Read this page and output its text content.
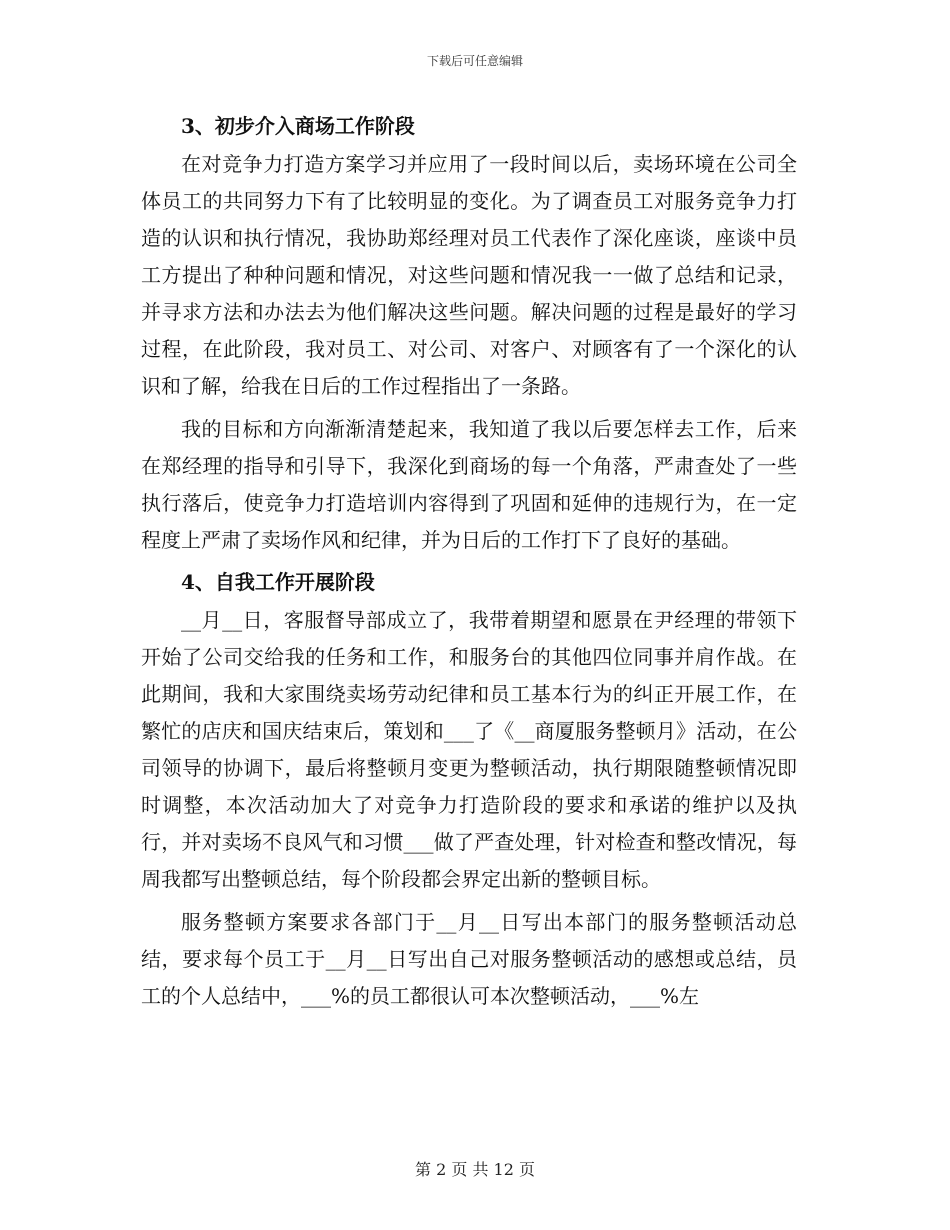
下载后可任意编辑
3、初步介入商场工作阶段

在对竞争力打造方案学习并应用了一段时间以后，卖场环境在公司全体员工的共同努力下有了比较明显的变化。为了调查员工对服务竞争力打造的认识和执行情况，我协助郑经理对员工代表作了深化座谈，座谈中员工方提出了种种问题和情况，对这些问题和情况我一一做了总结和记录，并寻求方法和办法去为他们解决这些问题。解决问题的过程是最好的学习过程，在此阶段，我对员工、对公司、对客户、对顾客有了一个深化的认识和了解，给我在日后的工作过程指出了一条路。

我的目标和方向渐渐清楚起来，我知道了我以后要怎样去工作，后来在郑经理的指导和引导下，我深化到商场的每一个角落，严肃查处了一些执行落后，使竞争力打造培训内容得到了巩固和延伸的违规行为，在一定程度上严肃了卖场作风和纪律，并为日后的工作打下了良好的基础。

4、自我工作开展阶段

__月__日，客服督导部成立了，我带着期望和愿景在尹经理的带领下开始了公司交给我的任务和工作，和服务台的其他四位同事并肩作战。在此期间，我和大家围绕卖场劳动纪律和员工基本行为的纠正开展工作，在繁忙的店庆和国庆结束后，策划和___了《__商厦服务整顿月》活动，在公司领导的协调下，最后将整顿月变更为整顿活动，执行期限随整顿情况即时调整，本次活动加大了对竞争力打造阶段的要求和承诺的维护以及执行，并对卖场不良风气和习惯___做了严查处理，针对检查和整改情况，每周我都写出整顿总结，每个阶段都会界定出新的整顿目标。

服务整顿方案要求各部门于__月__日写出本部门的服务整顿活动总结，要求每个员工于__月__日写出自己对服务整顿活动的感想或总结，员工的个人总结中，___%的员工都很认可本次整顿活动，___%左

第 2 页 共 12 页
